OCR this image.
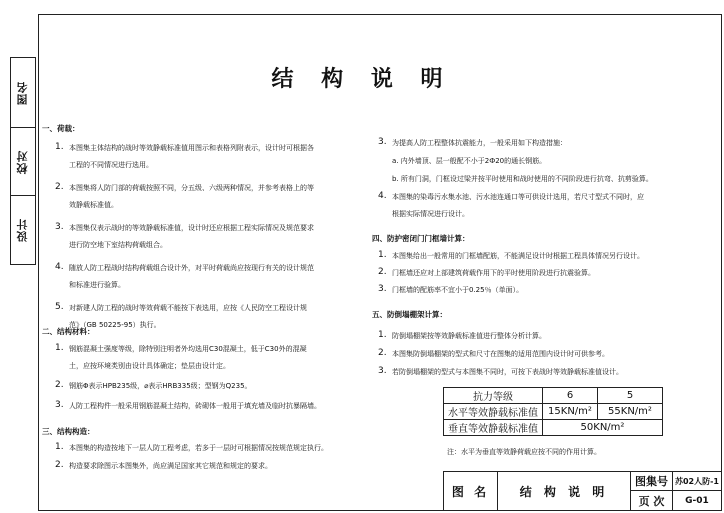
图名
校对
设计
结 构 说 明
一、荷载：
抗力等级	6	5
水平等效静载标准值	15KN/m²	55KN/m²
垂直等效静载标准值	50KN/m²	
注：水平为垂直等效静荷载应按不同的作用计算。
图 名	结 构 说 明
图集号 苏02人防-1
页 次	G-01
1. 本图集主体结构的战时等效静载标准值用图示和表格列附表示，设计时可根据各
工程的不同情况进行选用。
2. 本图集将人防门部的荷载按照不同，分五级、六级两种情况，并参考表格上的等
效静载标准值。
3. 本图集仅表示战时的等效静载标准值，设计时还应根据工程实际情况及规范要求
进行防空地下室结构荷载组合。
4. 随放人防工程战时结构荷载组合设计外，对平时荷载尚应按现行有关的设计规范
和标准进行验算。
5. 对新建人防工程的战时等效荷载不能按下表选用，应按《人民防空工程设计规
范》（GB 50225-95）执行。
二、结构材料：
1. 钢筋混凝土强度等级，除特别注明者外均选用C30混凝土，低于C30外的混凝
土，应按环境类别由设计具体确定；垫层由设计定。
2. 钢筋Φ表示HPB235级，⌀表示HRB335级；型钢为Q235。
3. 人防工程构件一般采用钢筋混凝土结构，砖砌体一般用于填充墙及临时抗暴隔墙。
三、结构构造：
1. 本图集的构造按地下一层人防工程考虑，若多于一层时可根据情况按规范规定执行。
2. 构造要求除图示本图集外，尚应满足国家其它规范和规定的要求。
3. 为提高人防工程整体抗震能力，一般采用如下构造措施：
a. 内外墙顶、层一般配不小于2Ф20的通长钢筋。
b. 所有门洞，门框设过梁并按平时使用和战时使用的不同阶段进行抗弯、抗剪验算。
4. 本图集的染毒污水集水池、污水池连通口等可供设计选用，若尺寸型式不同时，应
根据实际情况进行设计。
四、防护密闭门门框墙计算：
1. 本图集给出一般常用的门框墙配筋，不能满足设计时根据工程具体情况另行设计。
2. 门框墙还应对上部建筑荷载作用下的平时使用阶段进行抗震验算。
3. 门框墙的配筋率不宜小于0.25％（单面）。
五、防倒塌棚架计算：
1. 防倒塌棚架按等效静载标准值进行整体分析计算。
2. 本图集防倒塌棚架的型式和尺寸在图集的适用范围内设计时可供参考。
3. 若防倒塌棚架的型式与本图集不同时，可按下表战时等效静载标准值设计。
